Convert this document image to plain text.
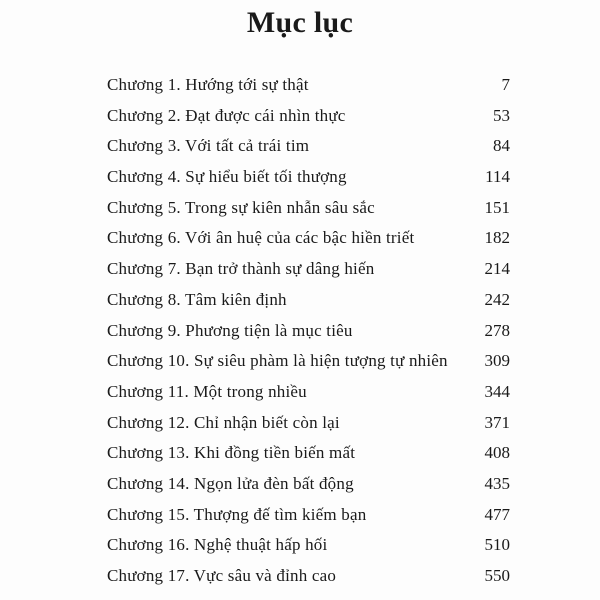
Mục lục
Chương 1. Hướng tới sự thật	7
Chương 2. Đạt được cái nhìn thực	53
Chương 3. Với tất cả trái tim	84
Chương 4. Sự hiểu biết tối thượng	114
Chương 5. Trong sự kiên nhẫn sâu sắc	151
Chương 6. Với ân huệ của các bậc hiền triết	182
Chương 7. Bạn trở thành sự dâng hiến	214
Chương 8. Tâm kiên định	242
Chương 9. Phương tiện là mục tiêu	278
Chương 10. Sự siêu phàm là hiện tượng tự nhiên	309
Chương 11. Một trong nhiều	344
Chương 12. Chỉ nhận biết còn lại	371
Chương 13. Khi đồng tiền biến mất	408
Chương 14. Ngọn lửa đèn bất động	435
Chương 15. Thượng đế tìm kiếm bạn	477
Chương 16. Nghệ thuật hấp hối	510
Chương 17. Vực sâu và đỉnh cao	550
